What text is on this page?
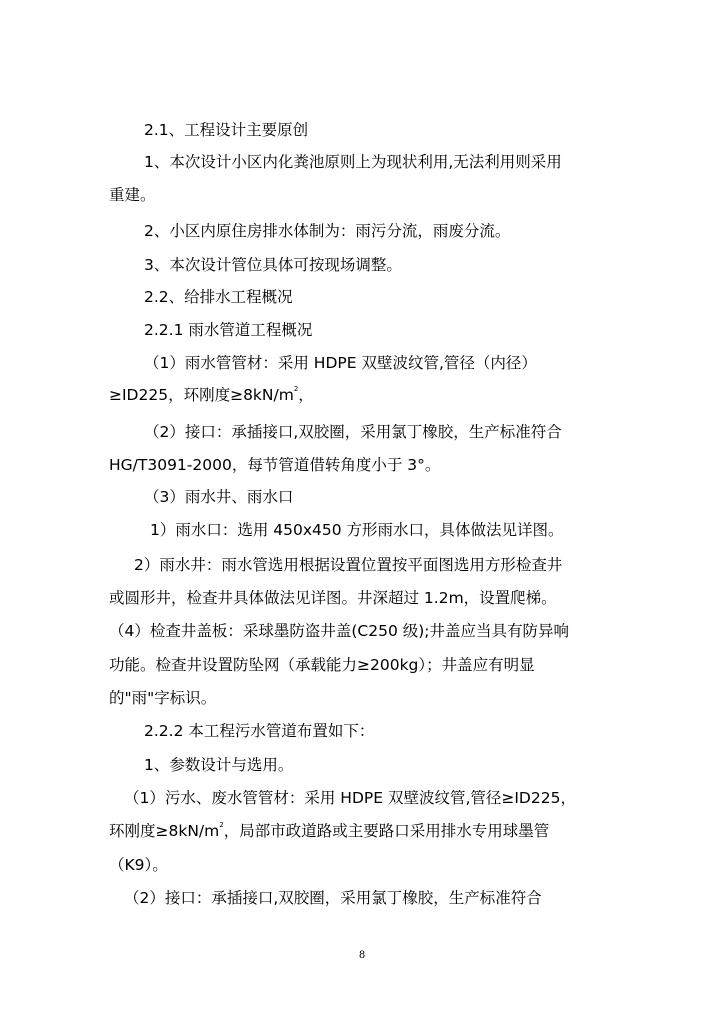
2.1、工程设计主要原创
1、本次设计小区内化粪池原则上为现状利用,无法利用则采用
重建。
2、小区内原住房排水体制为：雨污分流，雨废分流。
3、本次设计管位具体可按现场调整。
2.2、给排水工程概况
2.2.1 雨水管道工程概况
（1）雨水管管材：采用 HDPE 双壁波纹管,管径（内径）
≥ID225，环刚度$\ge 8kN/m^2$，
（2）接口：承插接口,双胶圈，采用氯丁橡胶，生产标准符合
HG/T3091-2000，每节管道借转角度小于 3°。
（3）雨水井、雨水口
1）雨水口：选用 450x450 方形雨水口，具体做法见详图。
2）雨水井：雨水管选用根据设置位置按平面图选用方形检查井
或圆形井，检查井具体做法见详图。井深超过 1.2m，设置爬梯。
（4）检查井盖板：采球墨防盗井盖(C250 级);井盖应当具有防异响
功能。检查井设置防坠网（承载能力≥200kg）；井盖应有明显
的"雨"字标识。
2.2.2 本工程污水管道布置如下：
1、参数设计与选用。
（1）污水、废水管管材：采用 HDPE 双壁波纹管,管径≥ID225，
环刚度$\ge 8kN/m^2$，局部市政道路或主要路口采用排水专用球墨管
（K9）。
（2）接口：承插接口,双胶圈，采用氯丁橡胶，生产标准符合
8
